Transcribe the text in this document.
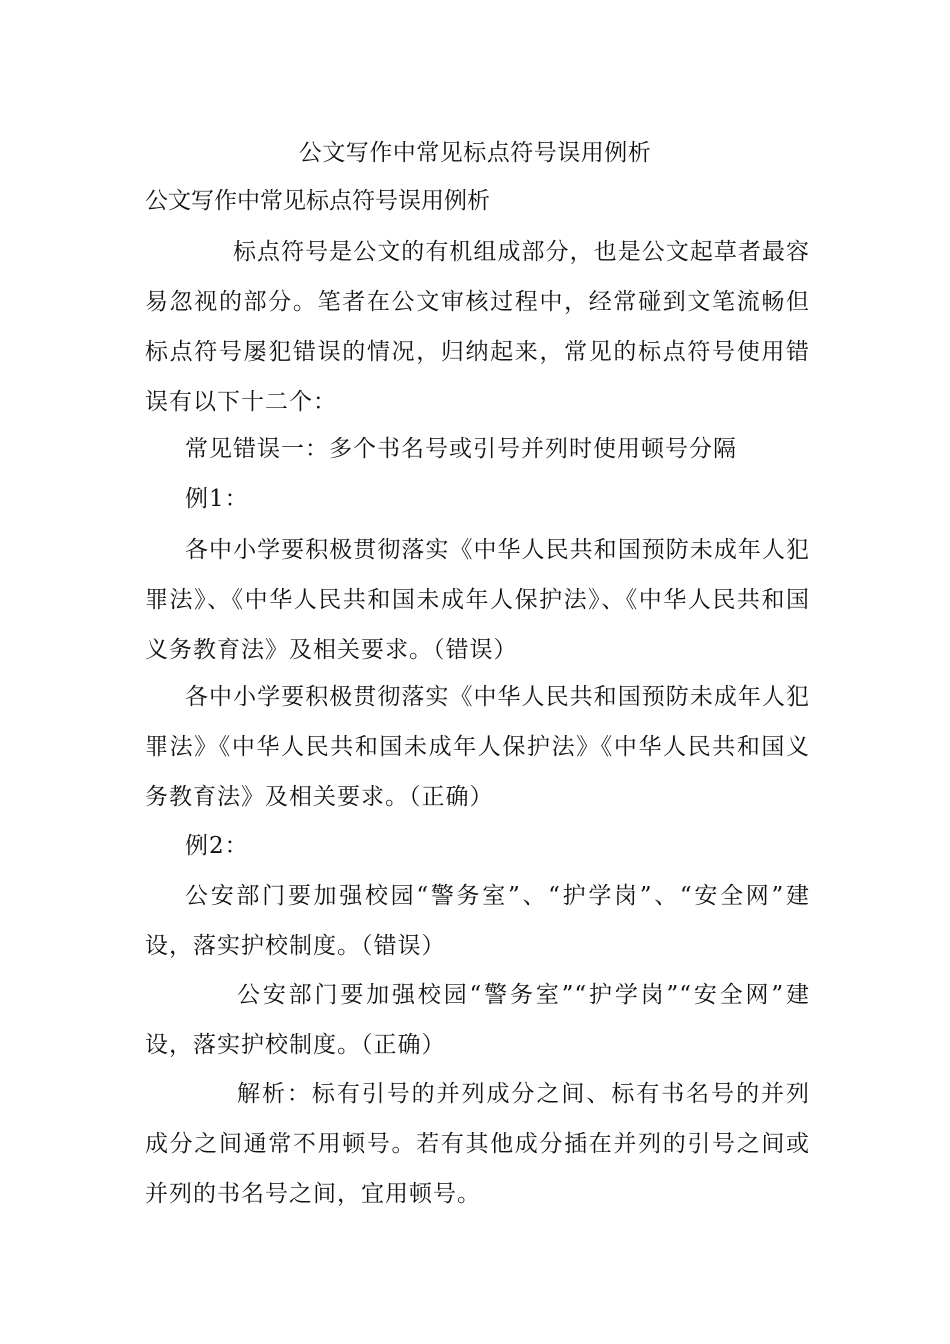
公文写作中常见标点符号误用例析
公文写作中常见标点符号误用例析

标点符号是公文的有机组成部分，也是公文起草者最容易忽视的部分。笔者在公文审核过程中，经常碰到文笔流畅但标点符号屡犯错误的情况，归纳起来，常见的标点符号使用错误有以下十二个：

常见错误一：多个书名号或引号并列时使用顿号分隔
例1：

各中小学要积极贯彻落实《中华人民共和国预防未成年人犯罪法》、《中华人民共和国未成年人保护法》、《中华人民共和国义务教育法》及相关要求。（错误）

各中小学要积极贯彻落实《中华人民共和国预防未成年人犯罪法》《中华人民共和国未成年人保护法》《中华人民共和国义务教育法》及相关要求。（正确）

例2：

公安部门要加强校园“警务室”、“护学岗”、“安全网”建设，落实护校制度。（错误）

公安部门要加强校园“警务室”“护学岗”“安全网”建设，落实护校制度。（正确）

解析：标有引号的并列成分之间、标有书名号的并列成分之间通常不用顿号。若有其他成分插在并列的引号之间或并列的书名号之间，宜用顿号。
